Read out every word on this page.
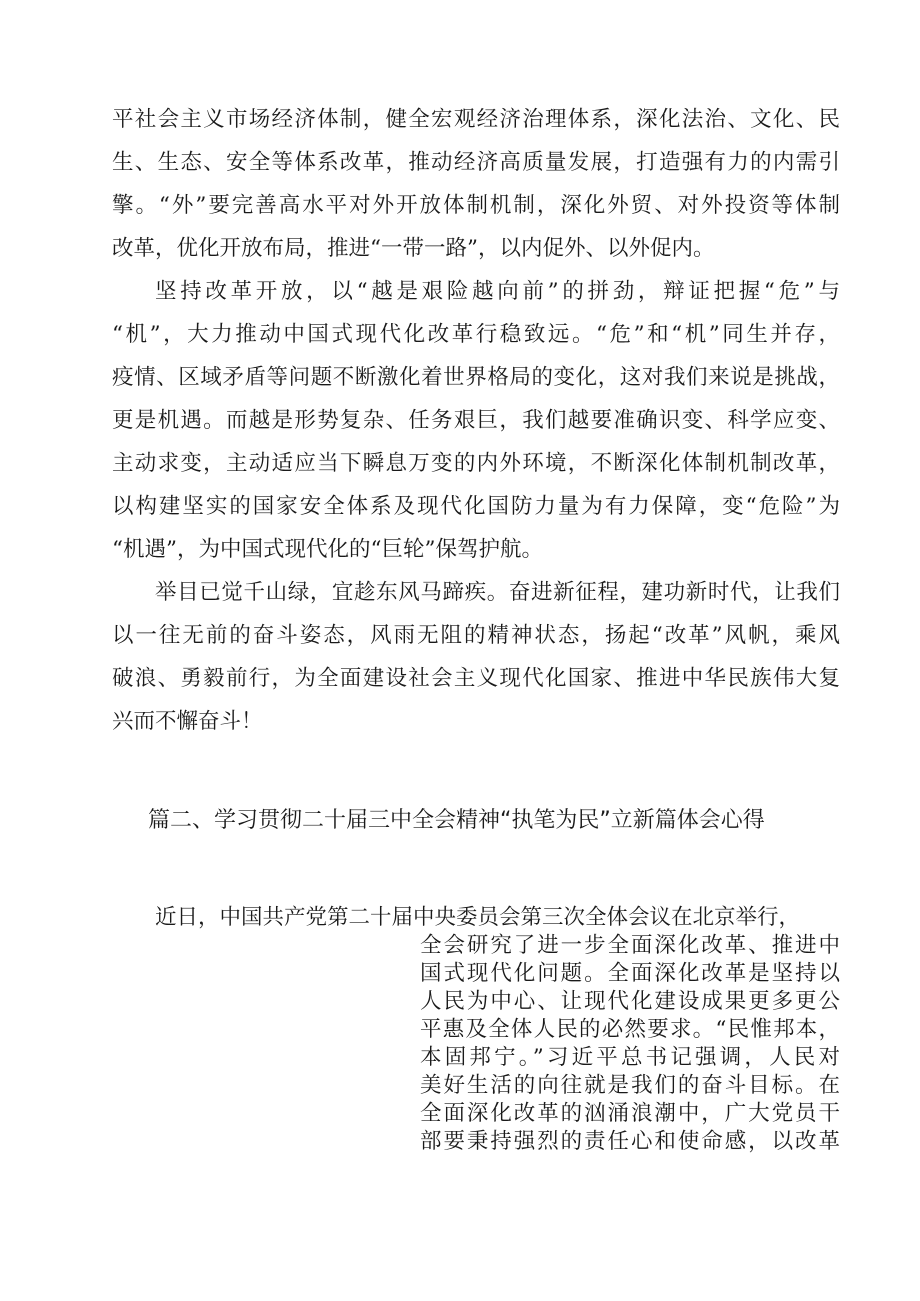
平社会主义市场经济体制，健全宏观经济治理体系，深化法治、文化、民
生、生态、安全等体系改革，推动经济高质量发展，打造强有力的内需引
擎。“外”要完善高水平对外开放体制机制，深化外贸、对外投资等体制
改革，优化开放布局，推进“一带一路”，以内促外、以外促内。
坚持改革开放，以“越是艰险越向前”的拼劲，辩证把握“危”与
“机”，大力推动中国式现代化改革行稳致远。“危”和“机”同生并存，
疫情、区域矛盾等问题不断激化着世界格局的变化，这对我们来说是挑战，
更是机遇。而越是形势复杂、任务艰巨，我们越要准确识变、科学应变、
主动求变，主动适应当下瞬息万变的内外环境，不断深化体制机制改革，
以构建坚实的国家安全体系及现代化国防力量为有力保障，变“危险”为
“机遇”，为中国式现代化的“巨轮”保驾护航。
举目已觉千山绿，宜趁东风马蹄疾。奋进新征程，建功新时代，让我们
以一往无前的奋斗姿态，风雨无阻的精神状态，扬起“改革”风帆，乘风
破浪、勇毅前行，为全面建设社会主义现代化国家、推进中华民族伟大复
兴而不懈奋斗！
篇二、学习贯彻二十届三中全会精神“执笔为民”立新篇体会心得
近日，中国共产党第二十届中央委员会第三次全体会议在北京举行，
全会研究了进一步全面深化改革、推进中
国式现代化问题。全面深化改革是坚持以
人民为中心、让现代化建设成果更多更公
平惠及全体人民的必然要求。“民惟邦本，
本固邦宁。”习近平总书记强调，人民对
美好生活的向往就是我们的奋斗目标。在
全面深化改革的汹涌浪潮中，广大党员干
部要秉持强烈的责任心和使命感，以改革
